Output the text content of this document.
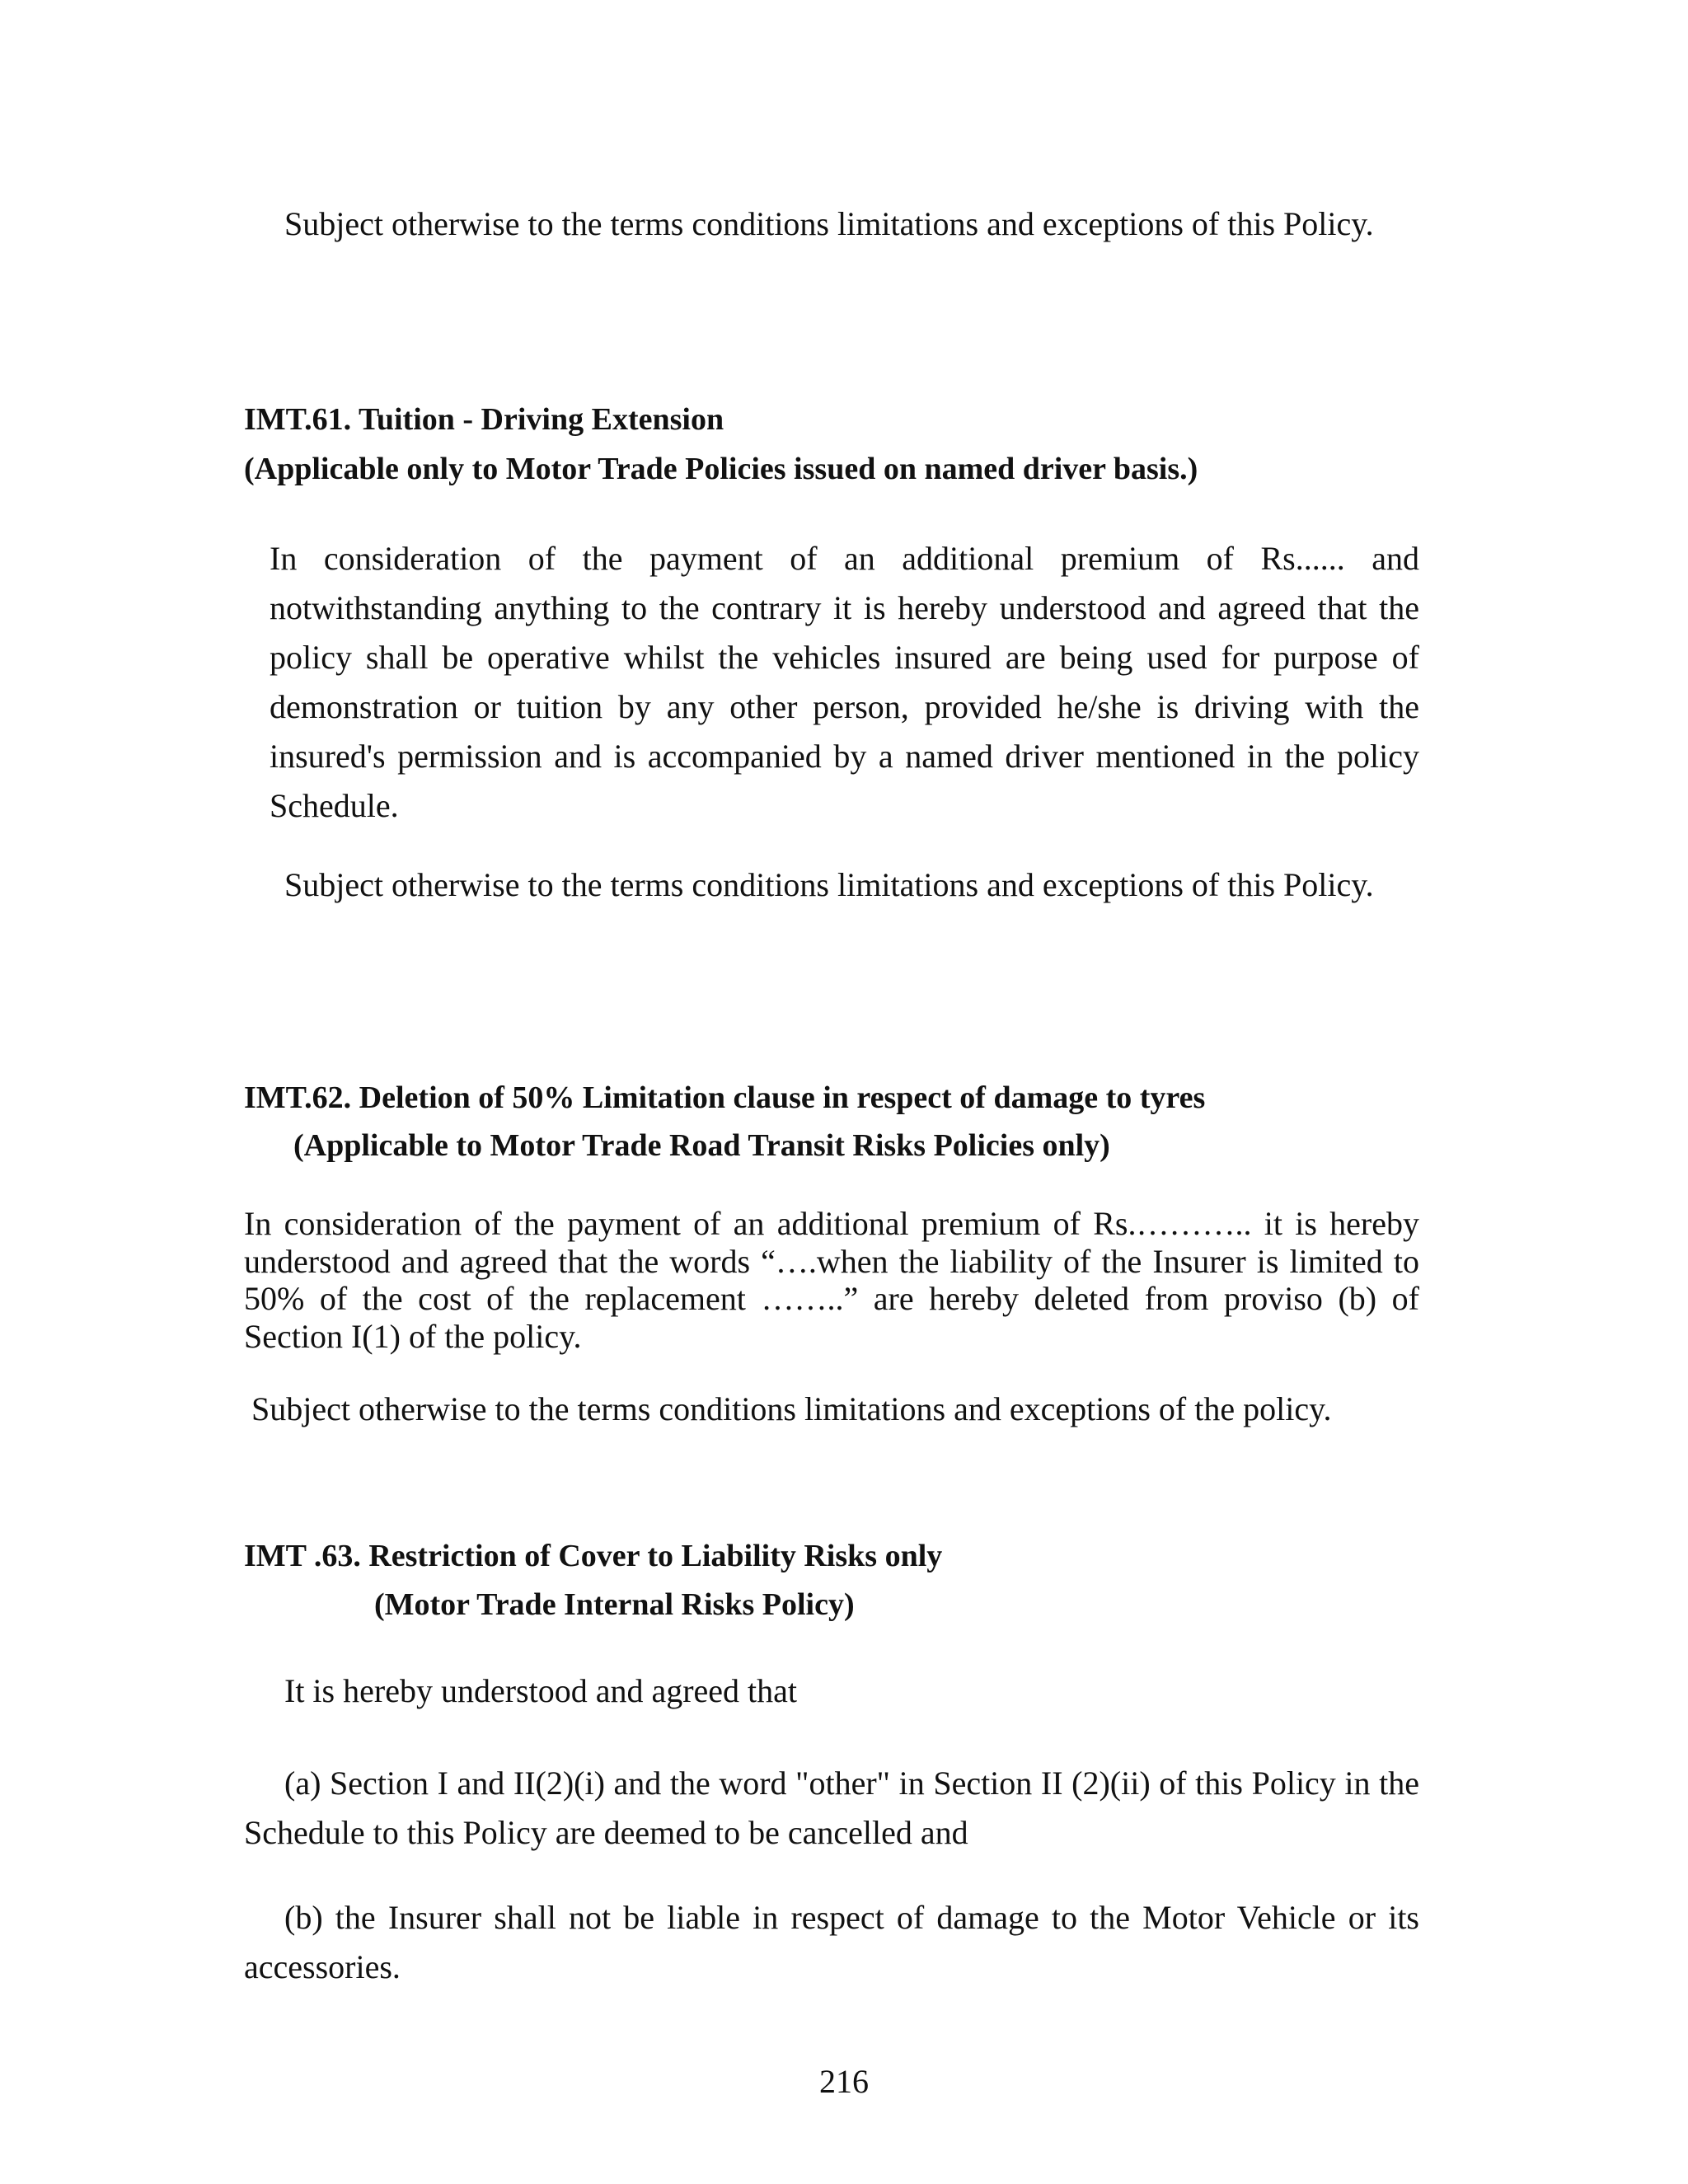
Subject otherwise to the terms conditions limitations and exceptions of this Policy.
IMT.61. Tuition - Driving Extension
(Applicable only to Motor Trade Policies issued on named driver basis.)
In consideration of the payment of an additional premium of Rs...... and notwithstanding anything to the contrary it is hereby understood and agreed that the policy shall be operative whilst the vehicles insured are being used for purpose of demonstration or tuition by any other person, provided he/she is driving with the insured's permission and is accompanied by a named driver mentioned in the policy Schedule.
Subject otherwise to the terms conditions limitations and exceptions of this Policy.
IMT.62. Deletion of 50% Limitation clause in respect of damage to tyres
(Applicable to Motor Trade Road Transit Risks Policies only)
In consideration of the payment of an additional premium of Rs.……….. it is hereby understood and agreed that the words “….when the liability of the Insurer is limited to 50% of the cost of the replacement ……..” are hereby deleted from proviso (b) of Section I(1) of the policy.
Subject otherwise to the terms conditions limitations and exceptions of the policy.
IMT .63. Restriction of Cover to Liability Risks only
(Motor Trade Internal Risks Policy)
It is hereby understood and agreed that
(a) Section I and II(2)(i) and the word "other" in Section II (2)(ii) of this Policy in the Schedule to this Policy are deemed to be cancelled and
(b) the Insurer shall not be liable in respect of damage to the Motor Vehicle or its accessories.
216
